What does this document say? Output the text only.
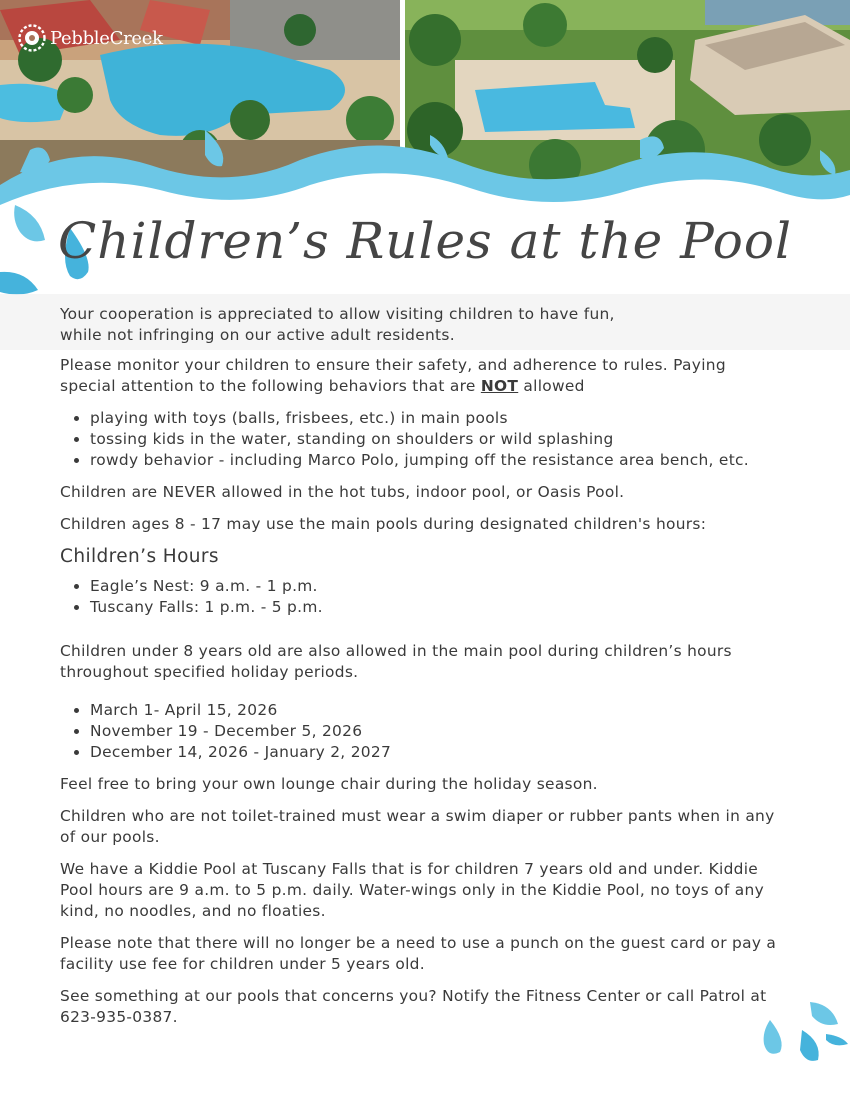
PebbleCreek
Children’s Rules at the Pool

Your cooperation is appreciated to allow visiting children to have fun,
while not infringing on our active adult residents.

Please monitor your children to ensure their safety, and adherence to rules. Paying special attention to the following behaviors that are NOT allowed

• playing with toys (balls, frisbees, etc.) in main pools
• tossing kids in the water, standing on shoulders or wild splashing
• rowdy behavior - including Marco Polo, jumping off the resistance area bench, etc.

Children are NEVER allowed in the hot tubs, indoor pool, or Oasis Pool.

Children ages 8 - 17 may use the main pools during designated children's hours:

Children’s Hours
• Eagle’s Nest: 9 a.m. - 1 p.m.
• Tuscany Falls: 1 p.m. - 5 p.m.

Children under 8 years old are also allowed in the main pool during children’s hours throughout specified holiday periods.

• March 1- April 15, 2026
• November 19 - December 5, 2026
• December 14, 2026 - January 2, 2027

Feel free to bring your own lounge chair during the holiday season.

Children who are not toilet-trained must wear a swim diaper or rubber pants when in any of our pools.

We have a Kiddie Pool at Tuscany Falls that is for children 7 years old and under. Kiddie Pool hours are 9 a.m. to 5 p.m. daily. Water-wings only in the Kiddie Pool, no toys of any kind, no noodles, and no floaties.

Please note that there will no longer be a need to use a punch on the guest card or pay a facility use fee for children under 5 years old.

See something at our pools that concerns you? Notify the Fitness Center or call Patrol at 623-935-0387.
